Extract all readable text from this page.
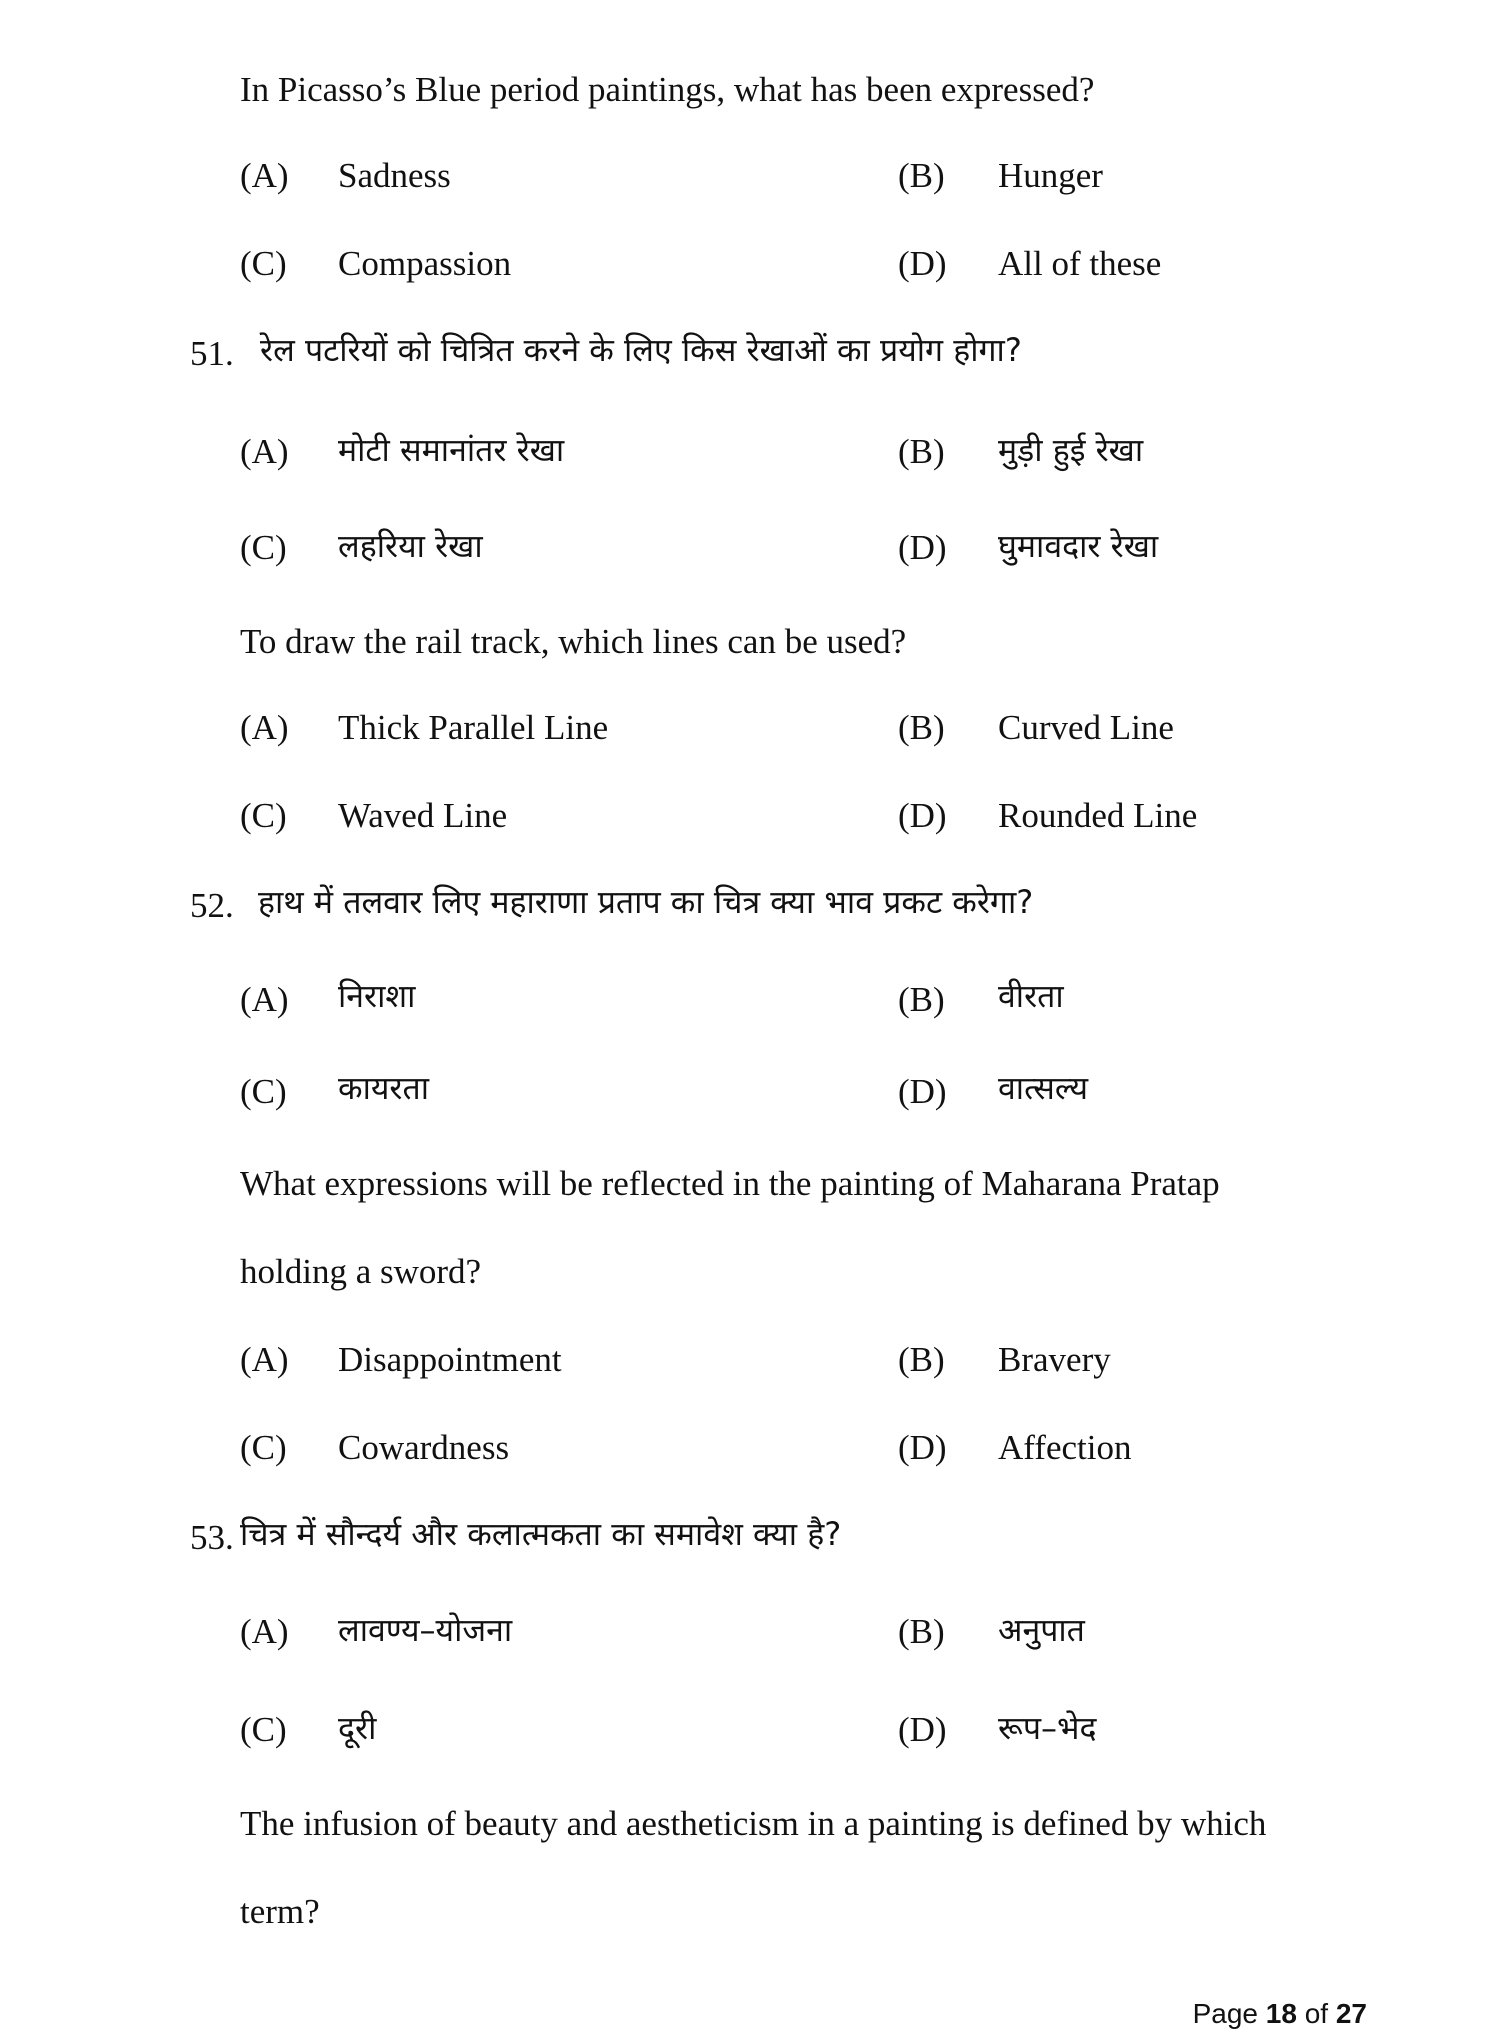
In Picasso’s Blue period paintings, what has been expressed?
(A) Sadness	(B) Hunger
(C) Compassion	(D) All of these
51. रेल पटरियों को चित्रित करने के लिए किस रेखाओं का प्रयोग होगा?
(A) मोटी समानांतर रेखा	(B) मुड़ी हुई रेखा
(C) लहरिया रेखा	(D) घुमावदार रेखा
To draw the rail track, which lines can be used?
(A) Thick Parallel Line	(B) Curved Line
(C) Waved Line	(D) Rounded Line
52. हाथ में तलवार लिए महाराणा प्रताप का चित्र क्या भाव प्रकट करेगा?
(A) निराशा	(B) वीरता
(C) कायरता	(D) वात्सल्य
What expressions will be reflected in the painting of Maharana Pratap
holding a sword?
(A) Disappointment	(B) Bravery
(C) Cowardness	(D) Affection
53. चित्र में सौन्दर्य और कलात्मकता का समावेश क्या है?
(A) लावण्य–योजना	(B) अनुपात
(C) दूरी	(D) रूप–भेद
The infusion of beauty and aestheticism in a painting is defined by which
term?
Page 18 of 27
